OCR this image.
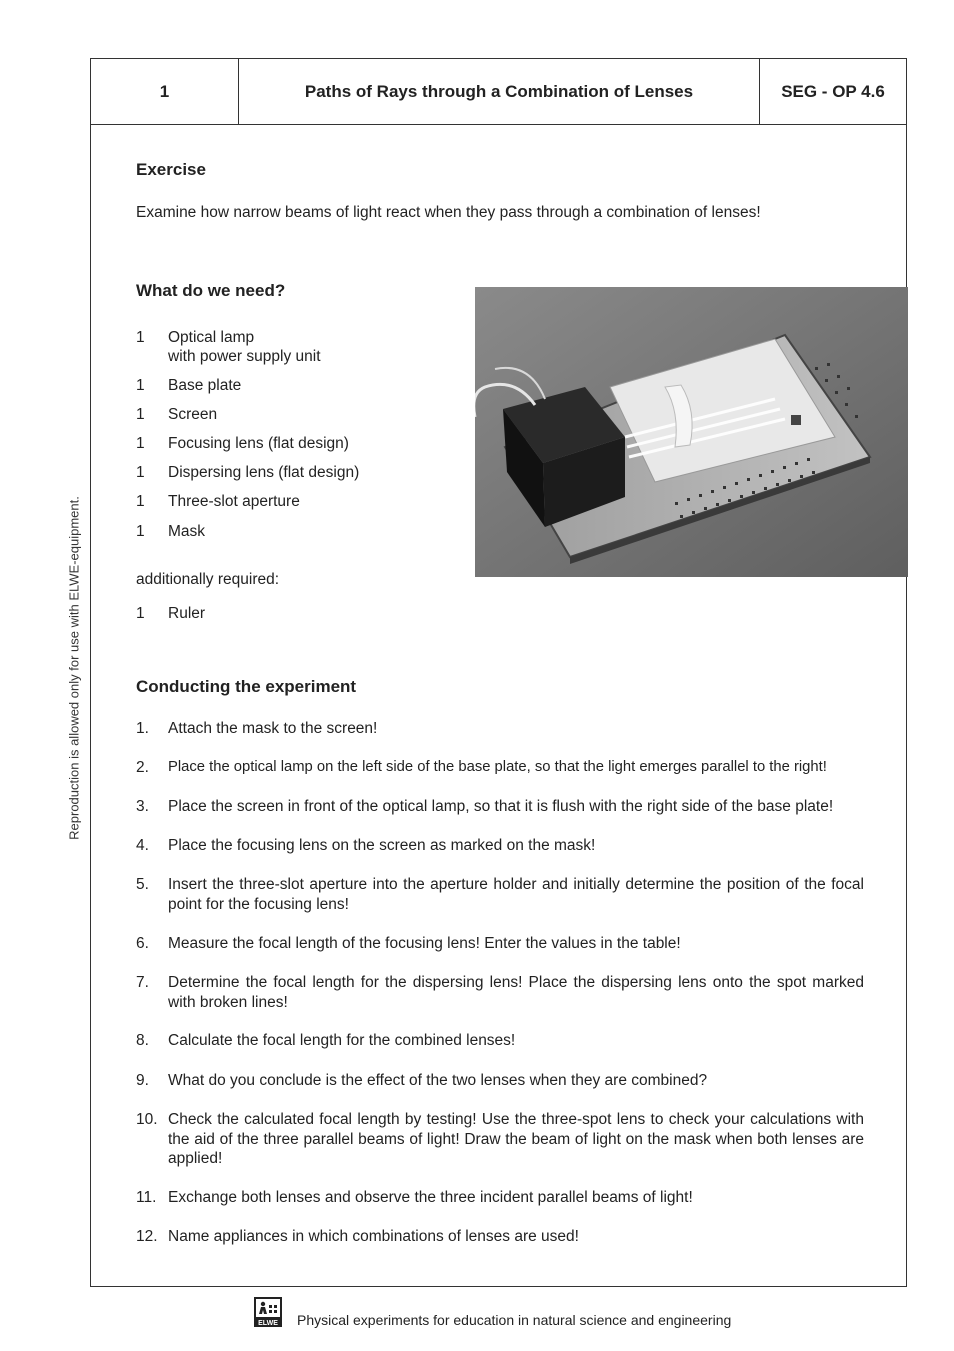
Reproduction is allowed only for use with ELWE-equipment.
1	Paths of Rays through a Combination of Lenses	SEG - OP 4.6
Exercise

Examine how narrow beams of light react when they pass through a combination of lenses!

What do we need?
1 Optical lamp
with power supply unit
1 Base plate
1 Screen
1 Focusing lens (flat design)
1 Dispersing lens (flat design)
1 Three-slot aperture
1 Mask

additionally required:

1 Ruler
Conducting the experiment
1. Attach the mask to the screen!
2. Place the optical lamp on the left side of the base plate, so that the light emerges parallel to the right!
3. Place the screen in front of the optical lamp, so that it is flush with the right side of the base plate!
4. Place the focusing lens on the screen as marked on the mask!
5. Insert the three-slot aperture into the aperture holder and initially determine the position of the focal point for the focusing lens!
6. Measure the focal length of the focusing lens! Enter the values in the table!
7. Determine the focal length for the dispersing lens! Place the dispersing lens onto the spot marked with broken lines!
8. Calculate the focal length for the combined lenses!
9. What do you conclude is the effect of the two lenses when they are combined?
10. Check the calculated focal length by testing! Use the three-spot lens to check your calculations with the aid of the three parallel beams of light! Draw the beam of light on the mask when both lenses are applied!
11. Exchange both lenses and observe the three incident parallel beams of light!
12. Name appliances in which combinations of lenses are used!
ELWE Physical experiments for education in natural science and engineering
